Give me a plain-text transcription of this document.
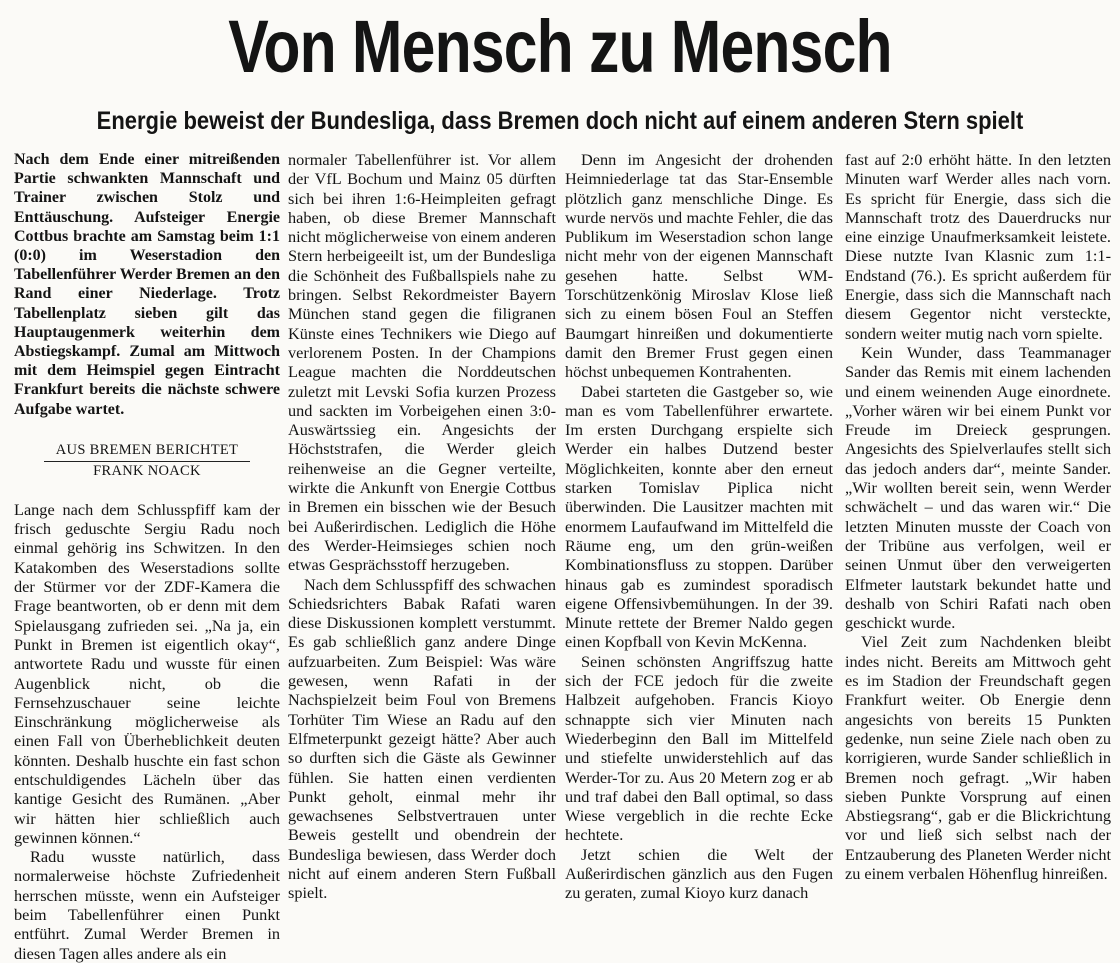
Von Mensch zu Mensch
Energie beweist der Bundesliga, dass Bremen doch nicht auf einem anderen Stern spielt

Nach dem Ende einer mitreißenden Partie schwankten Mannschaft und Trainer zwischen Stolz und Enttäuschung. Aufsteiger Energie Cottbus brachte am Samstag beim 1:1 (0:0) im Weserstadion den Tabellenführer Werder Bremen an den Rand einer Niederlage. Trotz Tabellenplatz sieben gilt das Hauptaugenmerk weiterhin dem Abstiegskampf. Zumal am Mittwoch mit dem Heimspiel gegen Eintracht Frankfurt bereits die nächste schwere Aufgabe wartet.

AUS BREMEN BERICHTET
FRANK NOACK

Lange nach dem Schlusspfiff kam der frisch geduschte Sergiu Radu noch einmal gehörig ins Schwitzen. In den Katakomben des Weserstadions sollte der Stürmer vor der ZDF-Kamera die Frage beantworten, ob er denn mit dem Spielausgang zufrieden sei. „Na ja, ein Punkt in Bremen ist eigentlich okay“, antwortete Radu und wusste für einen Augenblick nicht, ob die Fernsehzuschauer seine leichte Einschränkung möglicherweise als einen Fall von Überheblichkeit deuten könnten. Deshalb huschte ein fast schon entschuldigendes Lächeln über das kantige Gesicht des Rumänen. „Aber wir hätten hier schließlich auch gewinnen können.“

Radu wusste natürlich, dass normalerweise höchste Zufriedenheit herrschen müsste, wenn ein Aufsteiger beim Tabellenführer einen Punkt entführt. Zumal Werder Bremen in diesen Tagen alles andere als ein

normaler Tabellenführer ist. Vor allem der VfL Bochum und Mainz 05 dürften sich bei ihren 1:6-Heimpleiten gefragt haben, ob diese Bremer Mannschaft nicht möglicherweise von einem anderen Stern herbeigeeilt ist, um der Bundesliga die Schönheit des Fußballspiels nahe zu bringen. Selbst Rekordmeister Bayern München stand gegen die filigranen Künste eines Technikers wie Diego auf verlorenem Posten. In der Champions League machten die Norddeutschen zuletzt mit Levski Sofia kurzen Prozess und sackten im Vorbeigehen einen 3:0-Auswärtssieg ein. Angesichts der Höchststrafen, die Werder gleich reihenweise an die Gegner verteilte, wirkte die Ankunft von Energie Cottbus in Bremen ein bisschen wie der Besuch bei Außerirdischen. Lediglich die Höhe des Werder-Heimsieges schien noch etwas Gesprächsstoff herzugeben.

Nach dem Schlusspfiff des schwachen Schiedsrichters Babak Rafati waren diese Diskussionen komplett verstummt. Es gab schließlich ganz andere Dinge aufzuarbeiten. Zum Beispiel: Was wäre gewesen, wenn Rafati in der Nachspielzeit beim Foul von Bremens Torhüter Tim Wiese an Radu auf den Elfmeterpunkt gezeigt hätte? Aber auch so durften sich die Gäste als Gewinner fühlen. Sie hatten einen verdienten Punkt geholt, einmal mehr ihr gewachsenes Selbstvertrauen unter Beweis gestellt und obendrein der Bundesliga bewiesen, dass Werder doch nicht auf einem anderen Stern Fußball spielt.

Denn im Angesicht der drohenden Heimniederlage tat das Star-Ensemble plötzlich ganz menschliche Dinge. Es wurde nervös und machte Fehler, die das Publikum im Weserstadion schon lange nicht mehr von der eigenen Mannschaft gesehen hatte. Selbst WM-Torschützenkönig Miroslav Klose ließ sich zu einem bösen Foul an Steffen Baumgart hinreißen und dokumentierte damit den Bremer Frust gegen einen höchst unbequemen Kontrahenten.

Dabei starteten die Gastgeber so, wie man es vom Tabellenführer erwartete. Im ersten Durchgang erspielte sich Werder ein halbes Dutzend bester Möglichkeiten, konnte aber den erneut starken Tomislav Piplica nicht überwinden. Die Lausitzer machten mit enormem Laufaufwand im Mittelfeld die Räume eng, um den grün-weißen Kombinationsfluss zu stoppen. Darüber hinaus gab es zumindest sporadisch eigene Offensivbemühungen. In der 39. Minute rettete der Bremer Naldo gegen einen Kopfball von Kevin McKenna.

Seinen schönsten Angriffszug hatte sich der FCE jedoch für die zweite Halbzeit aufgehoben. Francis Kioyo schnappte sich vier Minuten nach Wiederbeginn den Ball im Mittelfeld und stiefelte unwiderstehlich auf das Werder-Tor zu. Aus 20 Metern zog er ab und traf dabei den Ball optimal, so dass Wiese vergeblich in die rechte Ecke hechtete.

Jetzt schien die Welt der Außerirdischen gänzlich aus den Fugen zu geraten, zumal Kioyo kurz danach

fast auf 2:0 erhöht hätte. In den letzten Minuten warf Werder alles nach vorn. Es spricht für Energie, dass sich die Mannschaft trotz des Dauerdrucks nur eine einzige Unaufmerksamkeit leistete. Diese nutzte Ivan Klasnic zum 1:1-Endstand (76.). Es spricht außerdem für Energie, dass sich die Mannschaft nach diesem Gegentor nicht versteckte, sondern weiter mutig nach vorn spielte.

Kein Wunder, dass Teammanager Sander das Remis mit einem lachenden und einem weinenden Auge einordnete. „Vorher wären wir bei einem Punkt vor Freude im Dreieck gesprungen. Angesichts des Spielverlaufes stellt sich das jedoch anders dar“, meinte Sander. „Wir wollten bereit sein, wenn Werder schwächelt – und das waren wir.“ Die letzten Minuten musste der Coach von der Tribüne aus verfolgen, weil er seinen Unmut über den verweigerten Elfmeter lautstark bekundet hatte und deshalb von Schiri Rafati nach oben geschickt wurde.

Viel Zeit zum Nachdenken bleibt indes nicht. Bereits am Mittwoch geht es im Stadion der Freundschaft gegen Frankfurt weiter. Ob Energie denn angesichts von bereits 15 Punkten gedenke, nun seine Ziele nach oben zu korrigieren, wurde Sander schließlich in Bremen noch gefragt. „Wir haben sieben Punkte Vorsprung auf einen Abstiegsrang“, gab er die Blickrichtung vor und ließ sich selbst nach der Entzauberung des Planeten Werder nicht zu einem verbalen Höhenflug hinreißen.
